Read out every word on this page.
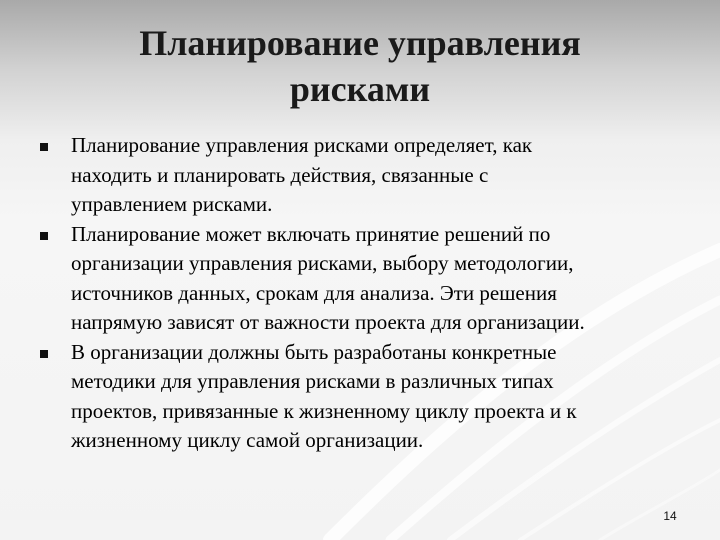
Планирование управления
рисками
Планирование управления рисками определяет, как
находить и планировать действия, связанные с
управлением рисками.
Планирование может включать принятие решений по
организации управления рисками, выбору методологии,
источников данных, срокам для анализа. Эти решения
напрямую зависят от важности проекта для организации.
В организации должны быть разработаны конкретные
методики для управления рисками в различных типах
проектов, привязанные к жизненному циклу проекта и к
жизненному циклу самой организации.
14
